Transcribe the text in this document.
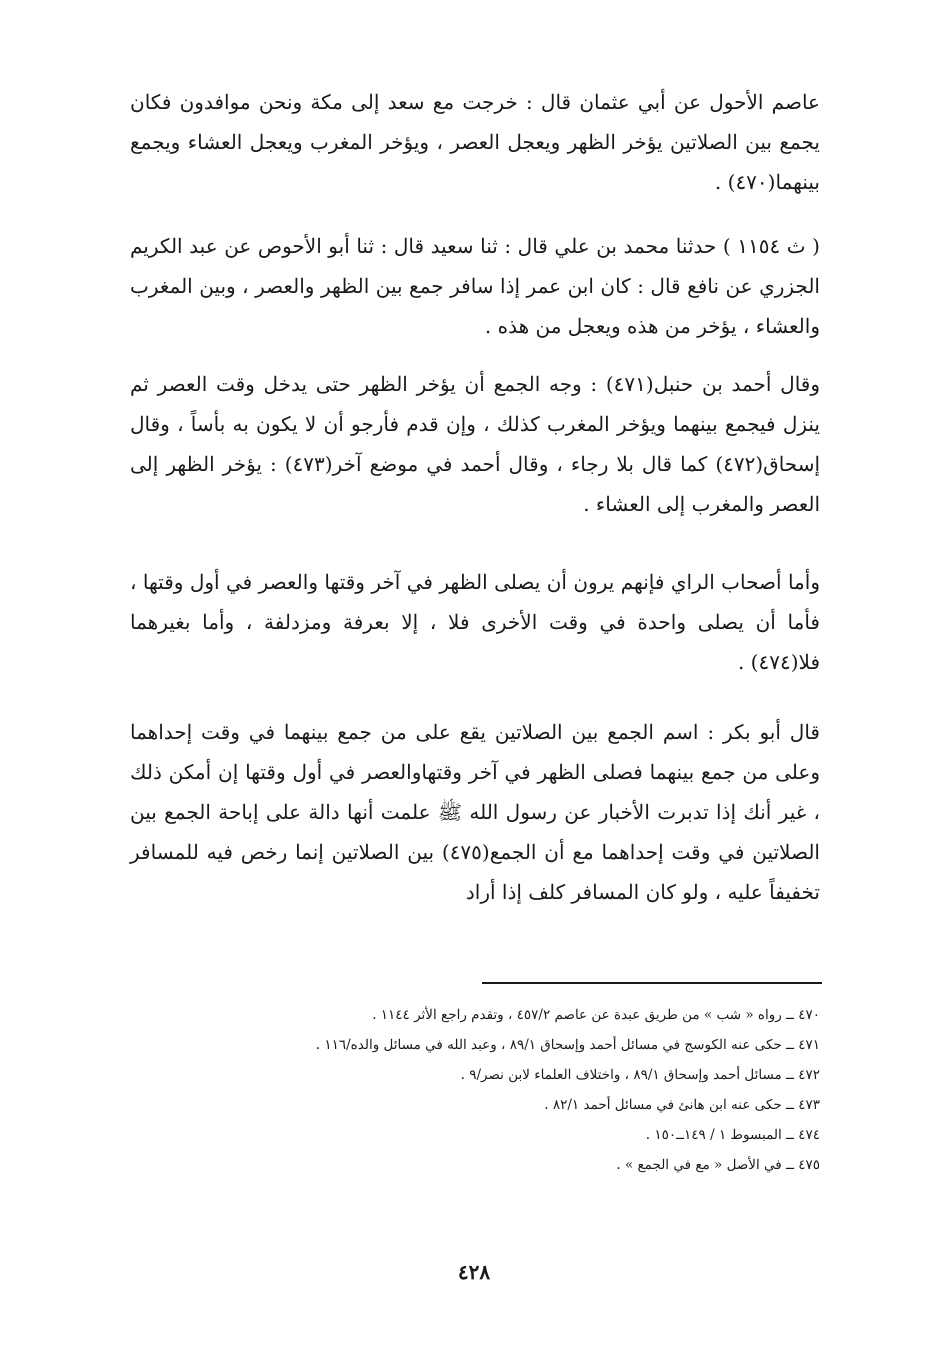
عاصم الأحول عن أبي عثمان قال : خرجت مع سعد إلى مكة ونحن موافدون فكان يجمع بين الصلاتين يؤخر الظهر ويعجل العصر ، ويؤخر المغرب ويعجل العشاء ويجمع بينهما(٤٧٠) .

( ث ١١٥٤ ) حدثنا محمد بن علي قال : ثنا سعيد قال : ثنا أبو الأحوص عن عبد الكريم الجزري عن نافع قال : كان ابن عمر إذا سافر جمع بين الظهر والعصر ، وبين المغرب والعشاء ، يؤخر من هذه ويعجل من هذه .

وقال أحمد بن حنبل(٤٧١) : وجه الجمع أن يؤخر الظهر حتى يدخل وقت العصر ثم ينزل فيجمع بينهما ويؤخر المغرب كذلك ، وإن قدم فأرجو أن لا يكون به بأساً ، وقال إسحاق(٤٧٢) كما قال بلا رجاء ، وقال أحمد في موضع آخر(٤٧٣) : يؤخر الظهر إلى العصر والمغرب إلى العشاء .

وأما أصحاب الراي فإنهم يرون أن يصلى الظهر في آخر وقتها والعصر في أول وقتها ، فأما أن يصلى واحدة في وقت الأخرى فلا ، إلا بعرفة ومزدلفة ، وأما بغيرهما فلا(٤٧٤) .

قال أبو بكر : اسم الجمع بين الصلاتين يقع على من جمع بينهما في وقت إحداهما وعلى من جمع بينهما فصلى الظهر في آخر وقتهاوالعصر في أول وقتها إن أمكن ذلك ، غير أنك إذا تدبرت الأخبار عن رسول الله ﷺ علمت أنها دالة على إباحة الجمع بين الصلاتين في وقت إحداهما مع أن الجمع(٤٧٥) بين الصلاتين إنما رخص فيه للمسافر تخفيفاً عليه ، ولو كان المسافر كلف إذا أراد

٤٧٠ ــ رواه « شب » من طريق عبدة عن عاصم ٤٥٧/٢ ، وتقدم راجع الأثر ١١٤٤ .
٤٧١ ــ حكى عنه الكوسج في مسائل أحمد وإسحاق ٨٩/١ ، وعبد الله في مسائل والده/١١٦ .
٤٧٢ ــ مسائل أحمد وإسحاق ٨٩/١ ، واختلاف العلماء لابن نصر/٩ .
٤٧٣ ــ حكى عنه ابن هانئ في مسائل أحمد ٨٢/١ .
٤٧٤ ــ المبسوط ١ / ١٤٩ــ١٥٠ .
٤٧٥ ــ في الأصل « مع في الجمع » .
٤٢٨
